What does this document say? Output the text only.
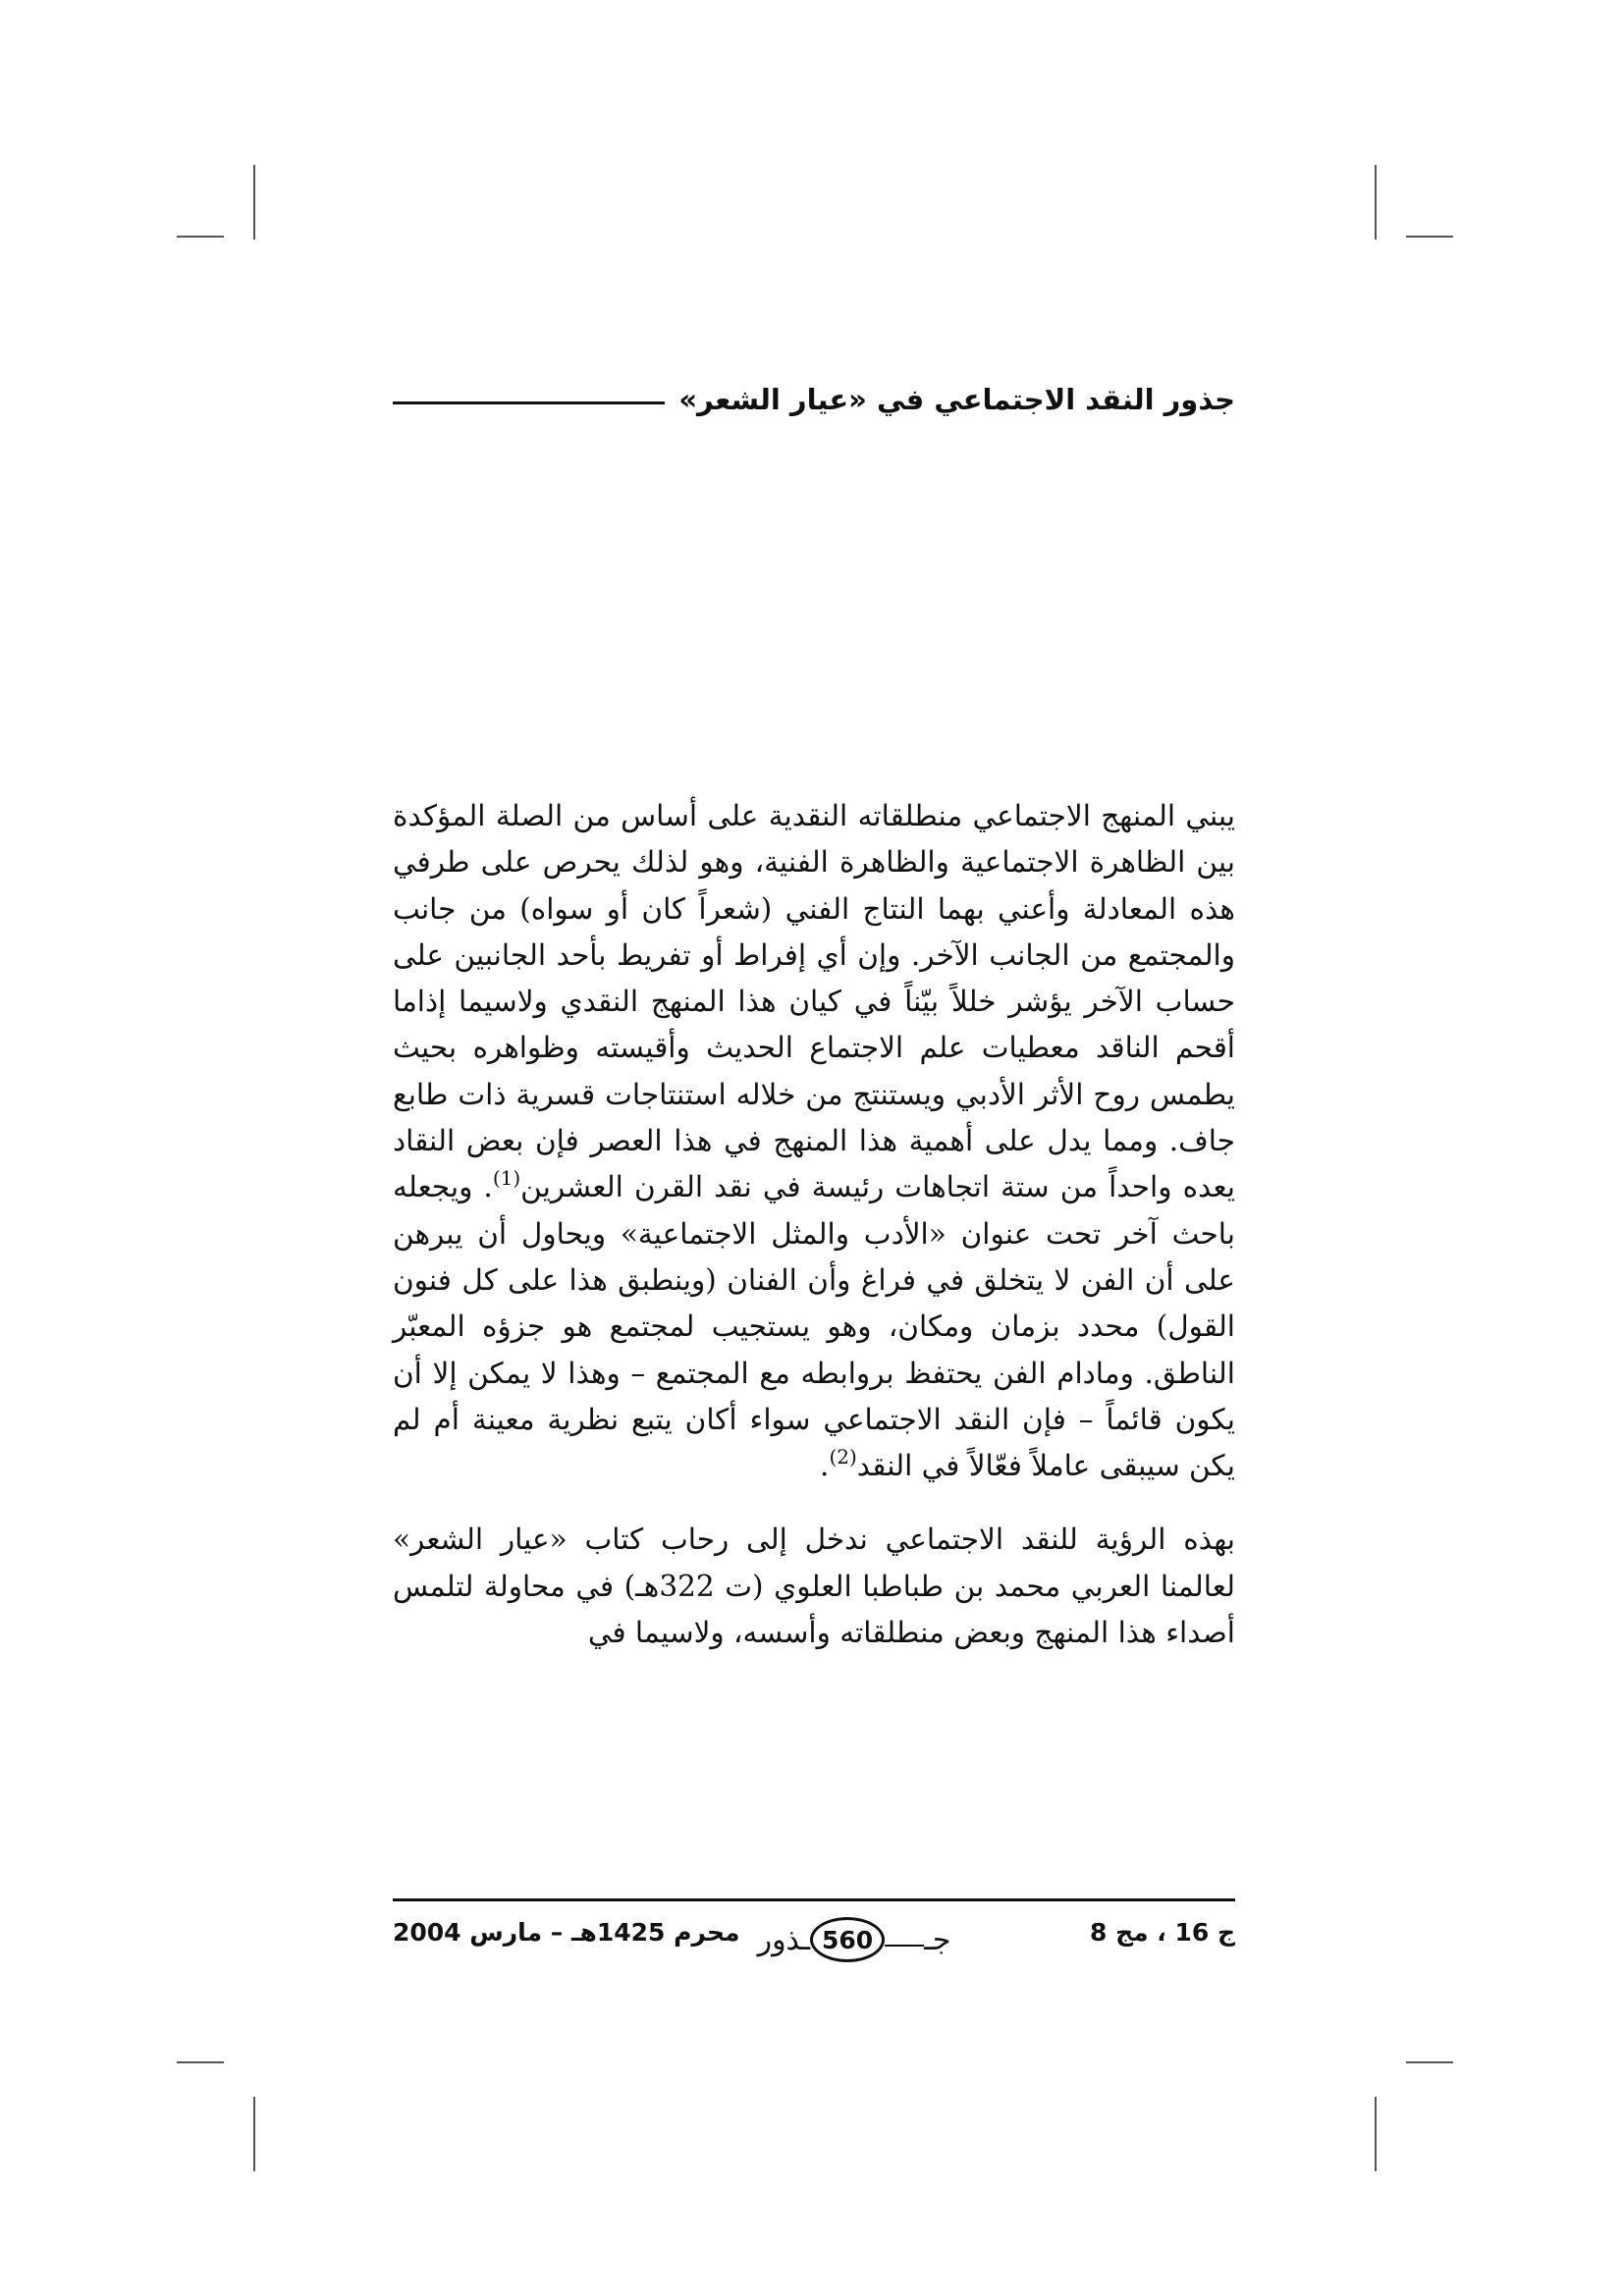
جذور النقد الاجتماعي في «عيار الشعر»

يبني المنهج الاجتماعي منطلقاته النقدية على أساس من الصلة المؤكدة بين الظاهرة الاجتماعية والظاهرة الفنية، وهو لذلك يحرص على طرفي هذه المعادلة وأعني بهما النتاج الفني (شعراً كان أو سواه) من جانب والمجتمع من الجانب الآخر. وإن أي إفراط أو تفريط بأحد الجانبين على حساب الآخر يؤشر خللاً بيّناً في كيان هذا المنهج النقدي ولاسيما إذاما أقحم الناقد معطيات علم الاجتماع الحديث وأقيسته وظواهره بحيث يطمس روح الأثر الأدبي ويستنتج من خلاله استنتاجات قسرية ذات طابع جاف. ومما يدل على أهمية هذا المنهج في هذا العصر فإن بعض النقاد يعده واحداً من ستة اتجاهات رئيسة في نقد القرن العشرين$^{(1)}$. ويجعله باحث آخر تحت عنوان «الأدب والمثل الاجتماعية» ويحاول أن يبرهن على أن الفن لا يتخلق في فراغ وأن الفنان (وينطبق هذا على كل فنون القول) محدد بزمان ومكان، وهو يستجيب لمجتمع هو جزؤه المعبّر الناطق. ومادام الفن يحتفظ بروابطه مع المجتمع – وهذا لا يمكن إلا أن يكون قائماً – فإن النقد الاجتماعي سواء أكان يتبع نظرية معينة أم لم يكن سيبقى عاملاً فعّالاً في النقد$^{(2)}$.

بهذه الرؤية للنقد الاجتماعي ندخل إلى رحاب كتاب «عيار الشعر» لعالمنا العربي محمد بن طباطبا العلوي (ت 322هـ) في محاولة لتلمس أصداء هذا المنهج وبعض منطلقاته وأسسه، ولاسيما في

ج 16 ، مج 8
جـ
560
ـذور
محرم 1425هـ – مارس 2004
